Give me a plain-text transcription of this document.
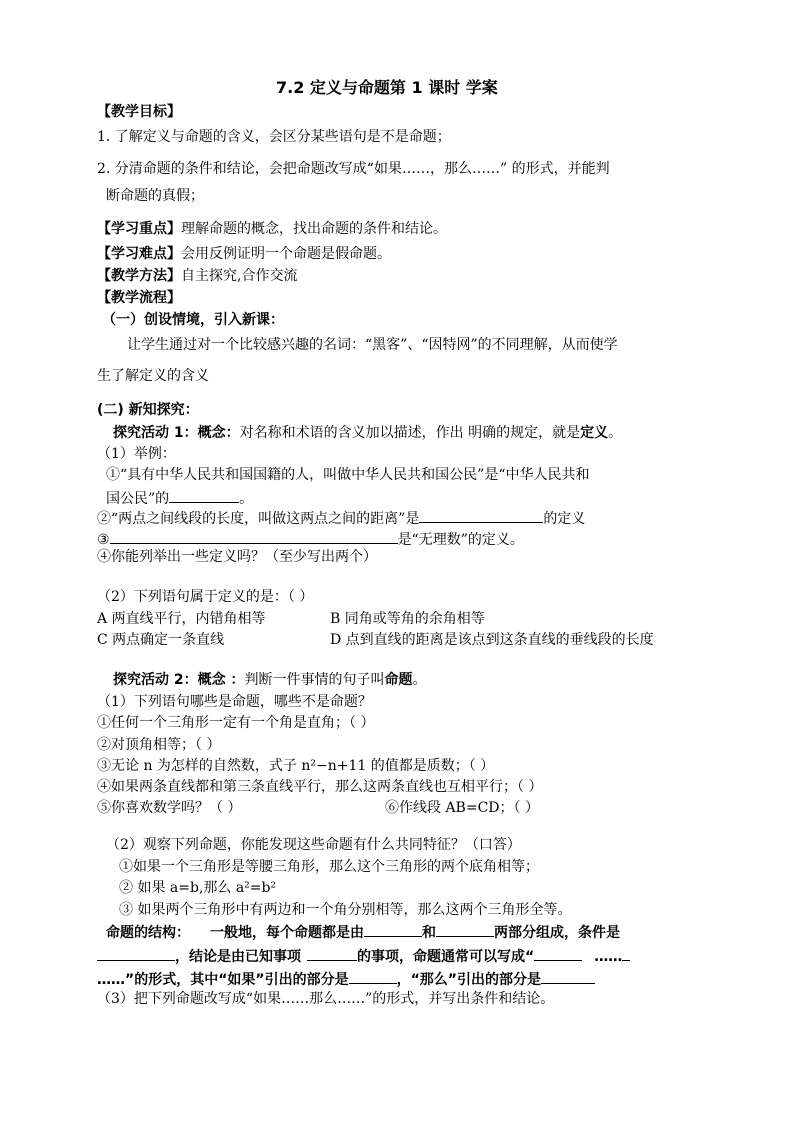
7.2 定义与命题第 1 课时 学案
【教学目标】
1. 了解定义与命题的含义，会区分某些语句是不是命题；
2. 分清命题的条件和结论，会把命题改写成“如果……，那么……” 的形式，并能判
断命题的真假；
【学习重点】理解命题的概念，找出命题的条件和结论。
【学习难点】会用反例证明一个命题是假命题。
【教学方法】自主探究,合作交流
【教学流程】
（一）创设情境，引入新课：
让学生通过对一个比较感兴趣的名词：“黑客”、“因特网”的不同理解，从而使学
生了解定义的含义
(二) 新知探究：
探究活动 1：概念：对名称和术语的含义加以描述，作出 明确的规定，就是定义。
（1）举例：
①“具有中华人民共和国国籍的人，叫做中华人民共和国公民”是“中华人民共和
国公民”的	。
②“两点之间线段的长度，叫做这两点之间的距离”是	的定义
③	是“无理数”的定义。
④你能列举出一些定义吗？（至少写出两个）
（2）下列语句属于定义的是：（ ）
A 两直线平行，内错角相等	B 同角或等角的余角相等
C 两点确定一条直线	D 点到直线的距离是该点到这条直线的垂线段的长度
探究活动 2：概念 ：判断一件事情的句子叫命题。
（1）下列语句哪些是命题，哪些不是命题？
①任何一个三角形一定有一个角是直角；（ ）
②对顶角相等；（ ）
③无论 n 为怎样的自然数，式子 n²−n+11 的值都是质数；（ ）
④如果两条直线都和第三条直线平行，那么这两条直线也互相平行；（ ）
⑤你喜欢数学吗？（ ）	⑥作线段 AB=CD；（ ）
（2）观察下列命题，你能发现这些命题有什么共同特征？（口答）
①如果一个三角形是等腰三角形，那么这个三角形的两个底角相等；
② 如果 a=b,那么 a²=b²
③ 如果两个三角形中有两边和一个角分别相等，那么这两个三角形全等。
命题的结构： 一般地，每个命题都是由	和	两部分组成，条件是
，结论是由已知事项	的事项，命题通常可以写成“	……
……”的形式，其中“如果”引出的部分是	，“那么”引出的部分是
（3）把下列命题改写成“如果……那么……”的形式，并写出条件和结论。
